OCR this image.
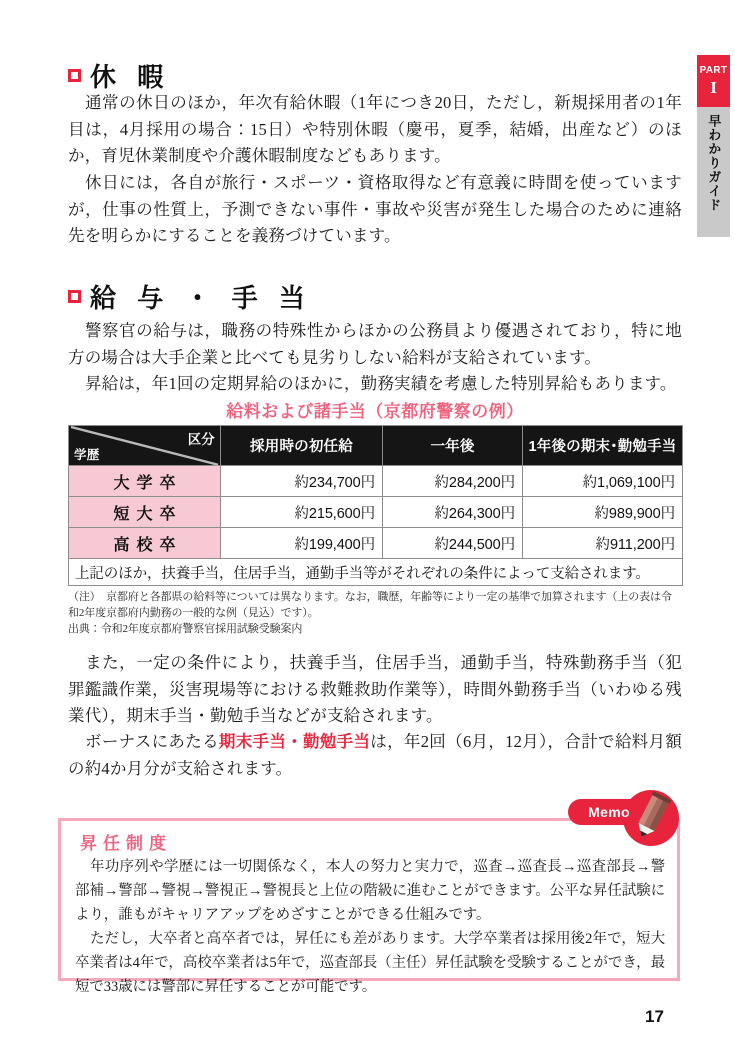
PART
I
早わかりガイド
休 暇
通常の休日のほか，年次有給休暇（1年につき20日，ただし，新規採用者の1年目は，4月採用の場合：15日）や特別休暇（慶弔，夏季，結婚，出産など）のほか，育児休業制度や介護休暇制度などもあります。
休日には，各自が旅行・スポーツ・資格取得など有意義に時間を使っていますが，仕事の性質上，予測できない事件・事故や災害が発生した場合のために連絡先を明らかにすることを義務づけています。
給 与 ・ 手 当
警察官の給与は，職務の特殊性からほかの公務員より優遇されており，特に地方の場合は大手企業と比べても見劣りしない給料が支給されています。
昇給は，年1回の定期昇給のほかに，勤務実績を考慮した特別昇給もあります。
給料および諸手当（京都府警察の例）
区分
学歴	採用時の初任給	一年後	1年後の期末･勤勉手当
大学卒	約234,700円	約284,200円	約1,069,100円
短大卒	約215,600円	約264,300円	約989,900円
高校卒	約199,400円	約244,500円	約911,200円
上記のほか，扶養手当，住居手当，通勤手当等がそれぞれの条件によって支給されます。			
（注）　京都府と各都県の給料等については異なります。なお，職歴，年齢等により一定の基準で加算されます（上の表は令
和2年度京都府内勤務の一般的な例（見込）です）。
出典：令和2年度京都府警察官採用試験受験案内
また，一定の条件により，扶養手当，住居手当，通勤手当，特殊勤務手当（犯罪鑑識作業，災害現場等における救難救助作業等），時間外勤務手当（いわゆる残業代），期末手当・勤勉手当などが支給されます。
ボーナスにあたる期末手当・勤勉手当は，年2回（6月，12月），合計で給料月額の約4か月分が支給されます。
Memo
昇任制度

年功序列や学歴には一切関係なく，本人の努力と実力で，巡査→巡査長→巡査部長→警部補→警部→警視→警視正→警視長と上位の階級に進むことができます。公平な昇任試験により，誰もがキャリアアップをめざすことができる仕組みです。

ただし，大卒者と高卒者では，昇任にも差があります。大学卒業者は採用後2年で，短大卒業者は4年で，高校卒業者は5年で，巡査部長（主任）昇任試験を受験することができ，最短で33歳には警部に昇任することが可能です。

17
